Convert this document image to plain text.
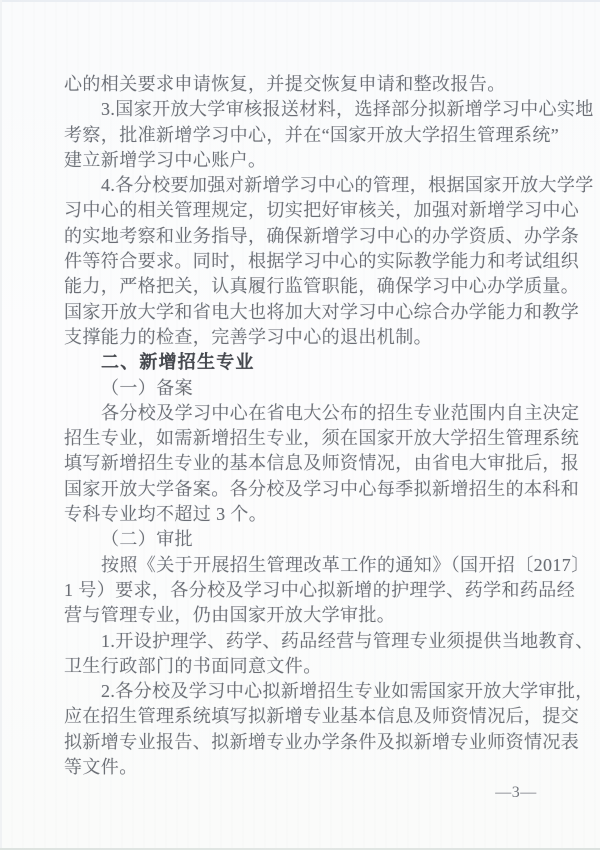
心的相关要求申请恢复，并提交恢复申请和整改报告。
3.国家开放大学审核报送材料，选择部分拟新增学习中心实地
考察，批准新增学习中心，并在“国家开放大学招生管理系统”
建立新增学习中心账户。
4.各分校要加强对新增学习中心的管理，根据国家开放大学学
习中心的相关管理规定，切实把好审核关，加强对新增学习中心
的实地考察和业务指导，确保新增学习中心的办学资质、办学条
件等符合要求。同时，根据学习中心的实际教学能力和考试组织
能力，严格把关，认真履行监管职能，确保学习中心办学质量。
国家开放大学和省电大也将加大对学习中心综合办学能力和教学
支撑能力的检查，完善学习中心的退出机制。
二、新增招生专业
（一）备案
各分校及学习中心在省电大公布的招生专业范围内自主决定
招生专业，如需新增招生专业，须在国家开放大学招生管理系统
填写新增招生专业的基本信息及师资情况，由省电大审批后，报
国家开放大学备案。各分校及学习中心每季拟新增招生的本科和
专科专业均不超过 3 个。
（二）审批
按照《关于开展招生管理改革工作的通知》（国开招〔2017〕
1 号）要求，各分校及学习中心拟新增的护理学、药学和药品经
营与管理专业，仍由国家开放大学审批。
1.开设护理学、药学、药品经营与管理专业须提供当地教育、
卫生行政部门的书面同意文件。
2.各分校及学习中心拟新增招生专业如需国家开放大学审批，
应在招生管理系统填写拟新增专业基本信息及师资情况后，提交
拟新增专业报告、拟新增专业办学条件及拟新增专业师资情况表
等文件。
—3—
